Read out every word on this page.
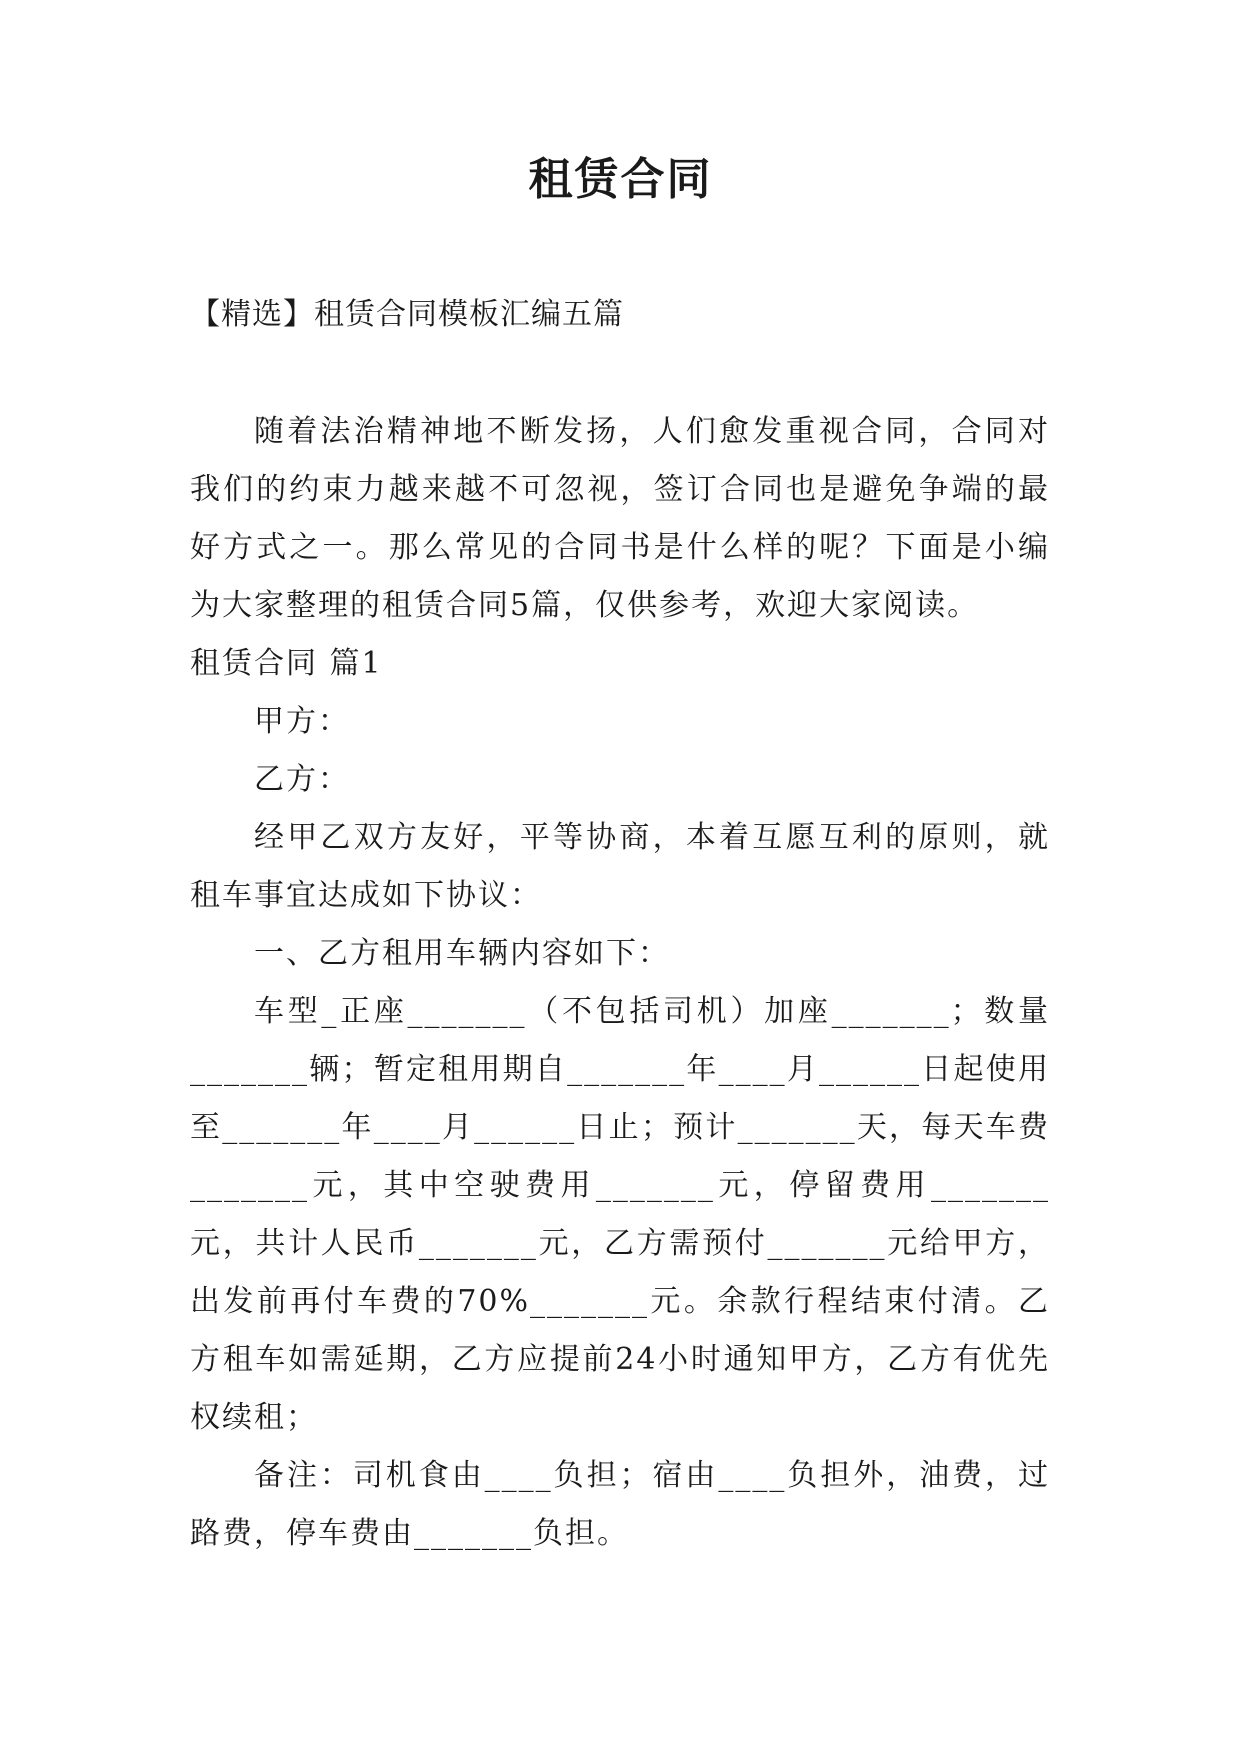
租赁合同
【精选】租赁合同模板汇编五篇

随着法治精神地不断发扬，人们愈发重视合同，合同对我们的约束力越来越不可忽视，签订合同也是避免争端的最好方式之一。那么常见的合同书是什么样的呢？下面是小编为大家整理的租赁合同5篇，仅供参考，欢迎大家阅读。

租赁合同 篇1

甲方：

乙方：

经甲乙双方友好，平等协商，本着互愿互利的原则，就租车事宜达成如下协议：

一、乙方租用车辆内容如下：

车型_正座_______（不包括司机）加座_______；数量_______辆；暂定租用期自_______年____月______日起使用至_______年____月______日止；预计_______天，每天车费_______元，其中空驶费用_______元，停留费用_______元，共计人民币_______元，乙方需预付_______元给甲方，出发前再付车费的70%_______元。余款行程结束付清。乙方租车如需延期，乙方应提前24小时通知甲方，乙方有优先权续租；

备注：司机食由____负担；宿由____负担外，油费，过路费，停车费由_______负担。
